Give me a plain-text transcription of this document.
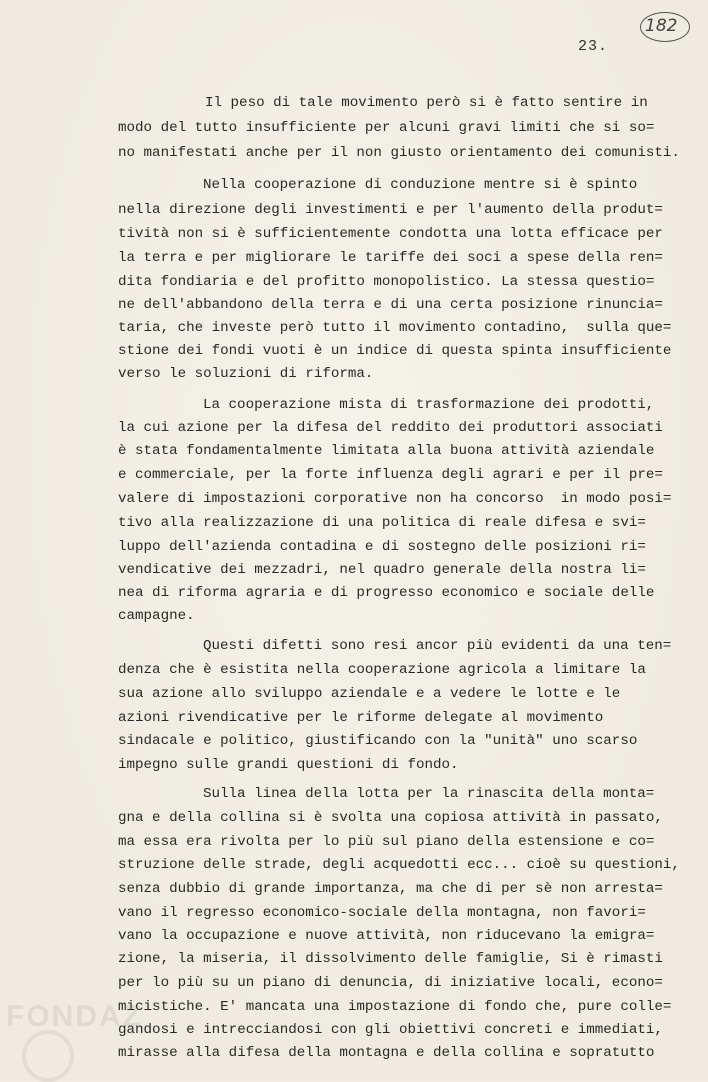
182
23.
Il peso di tale movimento però si è fatto sentire in
modo del tutto insufficiente per alcuni gravi limiti che si so=
no manifestati anche per il non giusto orientamento dei comunisti.
Nella cooperazione di conduzione mentre si è spinto
nella direzione degli investimenti e per l'aumento della produt=
tività non si è sufficientemente condotta una lotta efficace per
la terra e per migliorare le tariffe dei soci a spese della ren=
dita fondiaria e del profitto monopolistico. La stessa questio=
ne dell'abbandono della terra e di una certa posizione rinuncia=
taria, che investe però tutto il movimento contadino,  sulla que=
stione dei fondi vuoti è un indice di questa spinta insufficiente
verso le soluzioni di riforma.
La cooperazione mista di trasformazione dei prodotti,
la cui azione per la difesa del reddito dei produttori associati
è stata fondamentalmente limitata alla buona attività aziendale
e commerciale, per la forte influenza degli agrari e per il pre=
valere di impostazioni corporative non ha concorso  in modo posi=
tivo alla realizzazione di una politica di reale difesa e svi=
luppo dell'azienda contadina e di sostegno delle posizioni ri=
vendicative dei mezzadri, nel quadro generale della nostra li=
nea di riforma agraria e di progresso economico e sociale delle
campagne.
Questi difetti sono resi ancor più evidenti da una ten=
denza che è esistita nella cooperazione agricola a limitare la
sua azione allo sviluppo aziendale e a vedere le lotte e le
azioni rivendicative per le riforme delegate al movimento
sindacale e politico, giustificando con la "unità" uno scarso
impegno sulle grandi questioni di fondo.
Sulla linea della lotta per la rinascita della monta=
gna e della collina si è svolta una copiosa attività in passato,
ma essa era rivolta per lo più sul piano della estensione e co=
struzione delle strade, degli acquedotti ecc... cioè su questioni,
senza dubbio di grande importanza, ma che di per sè non arresta=
vano il regresso economico-sociale della montagna, non favori=
vano la occupazione e nuove attività, non riducevano la emigra=
zione, la miseria, il dissolvimento delle famiglie, Si è rimasti
per lo più su un piano di denuncia, di iniziative locali, econo=
micistiche. E' mancata una impostazione di fondo che, pure colle=
gandosi e intrecciandosi con gli obiettivi concreti e immediati,
mirasse alla difesa della montagna e della collina e sopratutto
FONDAZ
